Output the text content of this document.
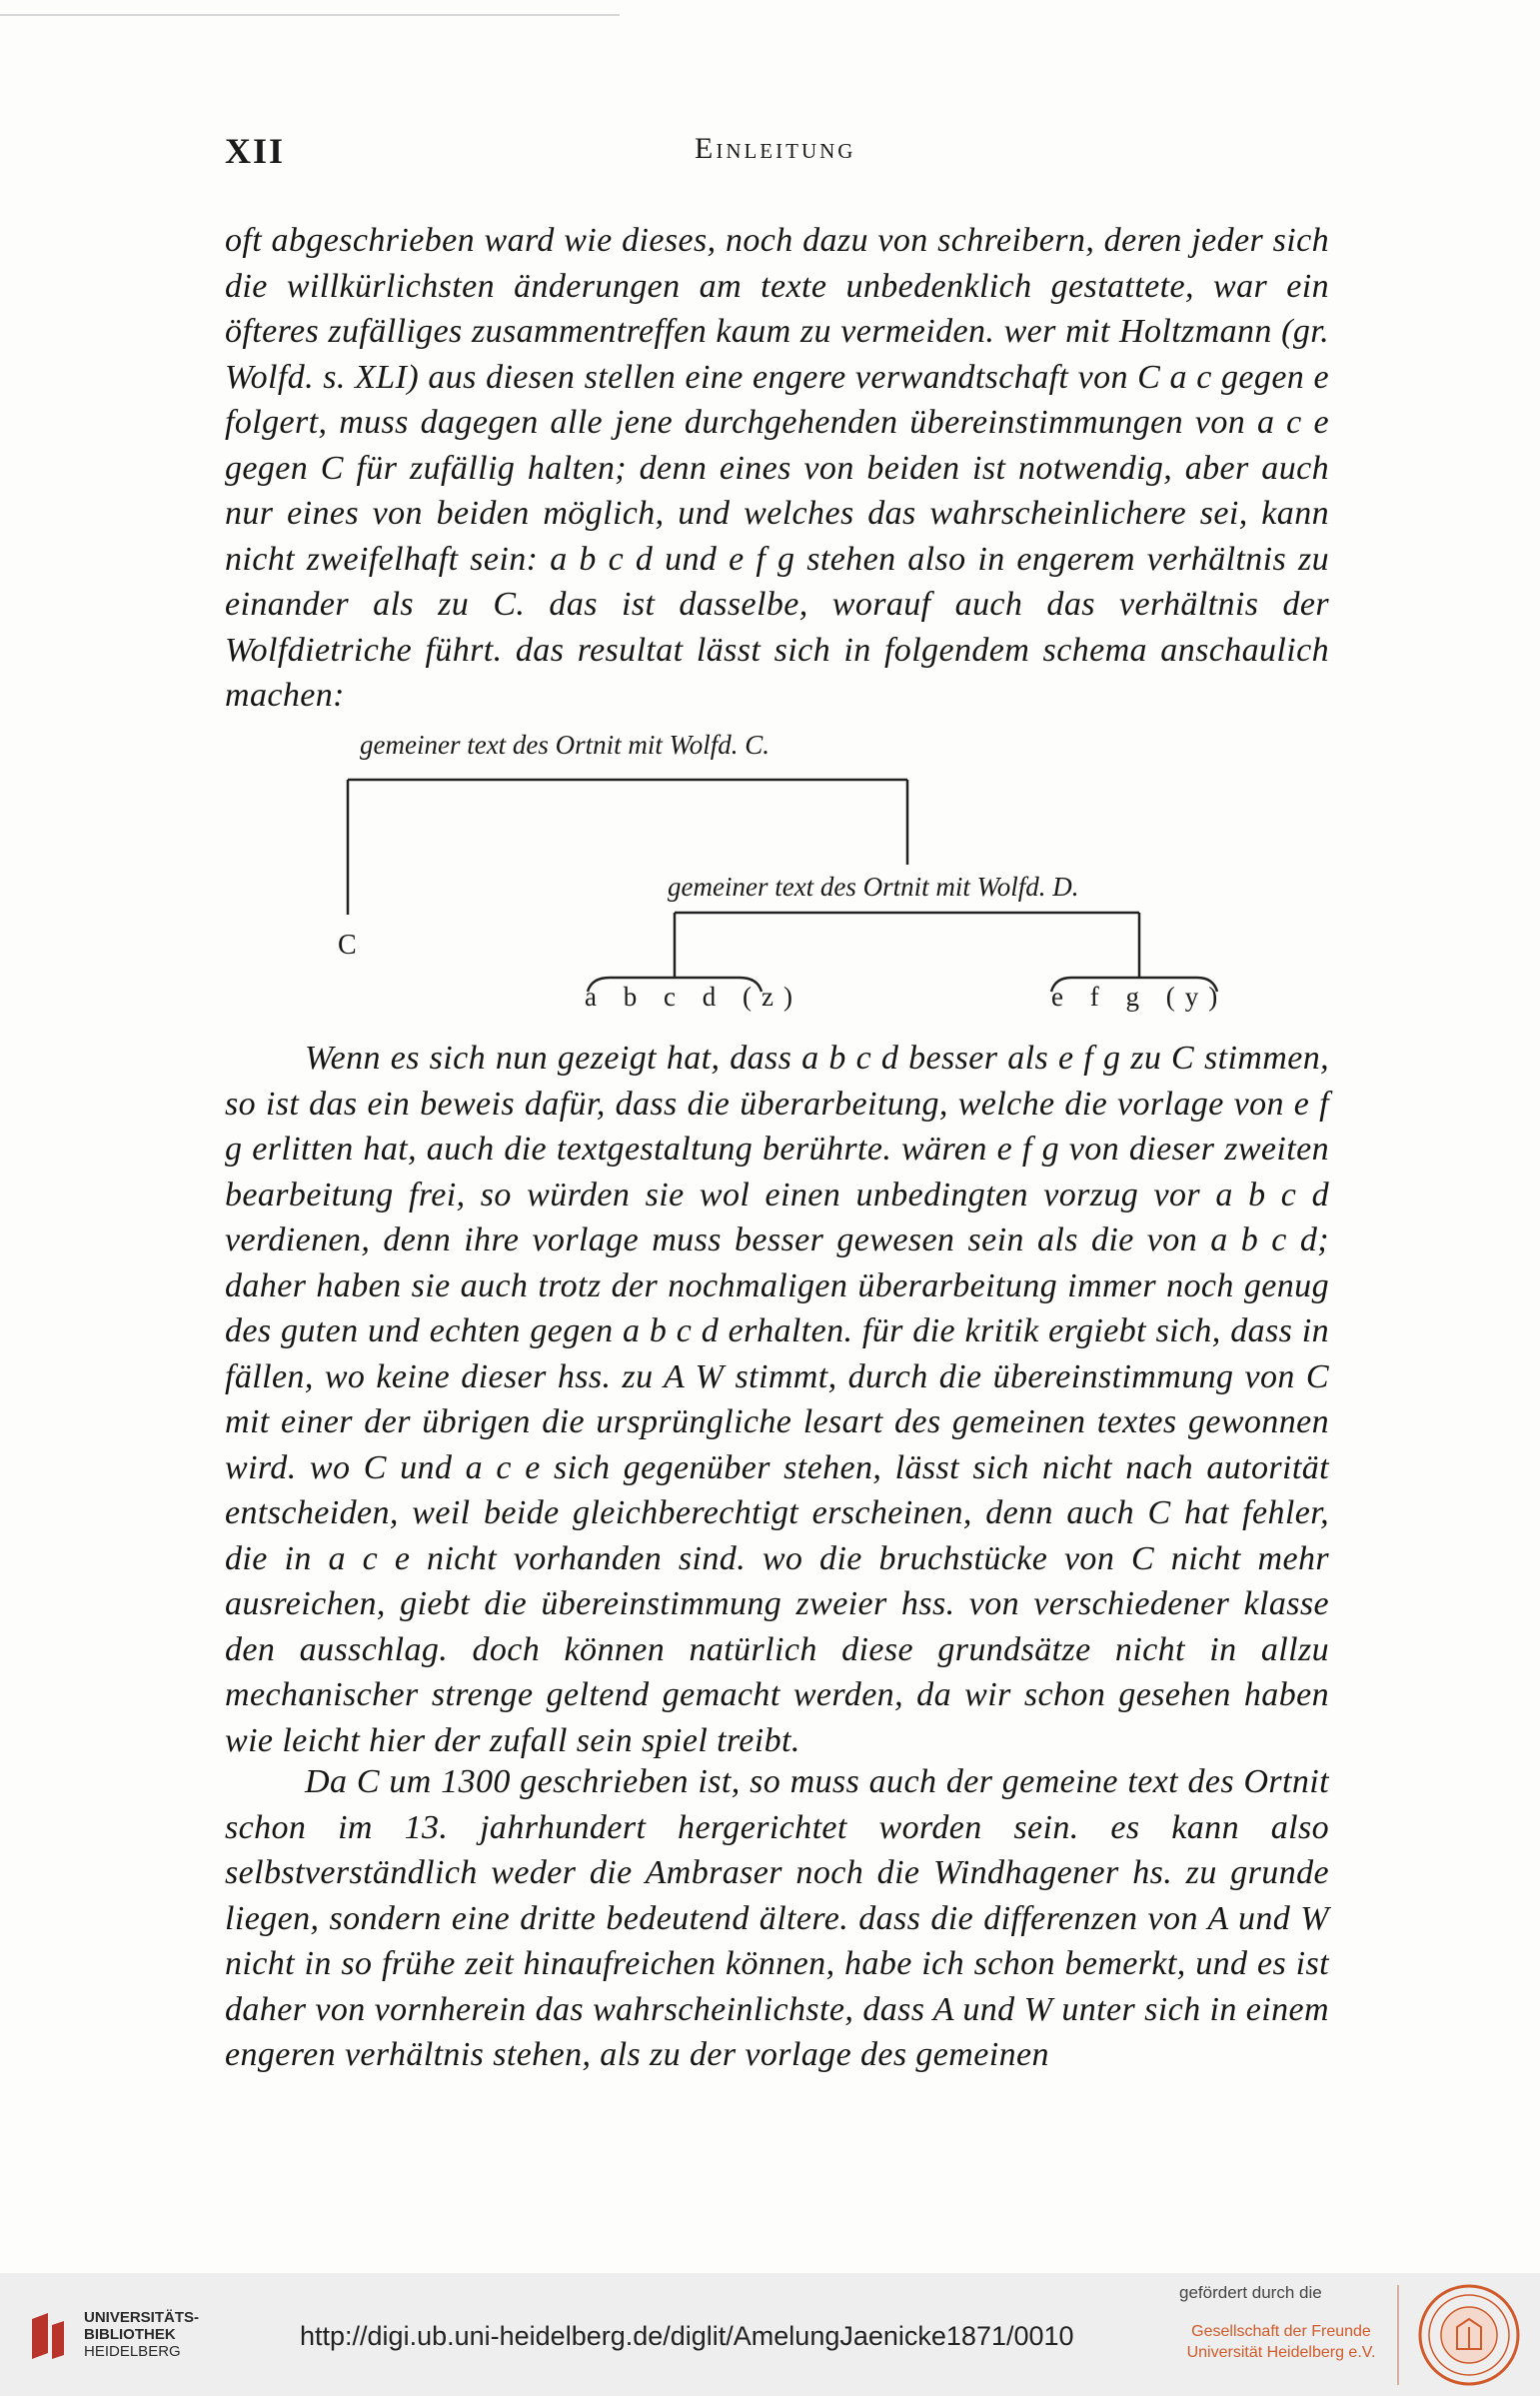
XII	Einleitung

oft abgeschrieben ward wie dieses, noch dazu von schreibern, deren jeder sich die willkürlichsten änderungen am texte unbedenklich gestattete, war ein öfteres zufälliges zusammentreffen kaum zu vermeiden. wer mit Holtzmann (gr. Wolfd. s. XLI) aus diesen stellen eine engere verwandtschaft von C a c gegen e folgert, muss dagegen alle jene durchgehenden übereinstimmungen von a c e gegen C für zufällig halten; denn eines von beiden ist notwendig, aber auch nur eines von beiden möglich, und welches das wahrscheinlichere sei, kann nicht zweifelhaft sein: a b c d und e f g stehen also in engerem verhältnis zu einander als zu C. das ist dasselbe, worauf auch das verhältnis der Wolfdietriche führt. das resultat lässt sich in folgendem schema anschaulich machen:

gemeiner text des Ortnit mit Wolfd. C.
gemeiner text des Ortnit mit Wolfd. D.
C
a b c d (z)	e f g (y)

Wenn es sich nun gezeigt hat, dass a b c d besser als e f g zu C stimmen, so ist das ein beweis dafür, dass die überarbeitung, welche die vorlage von e f g erlitten hat, auch die textgestaltung berührte. wären e f g von dieser zweiten bearbeitung frei, so würden sie wol einen unbedingten vorzug vor a b c d verdienen, denn ihre vorlage muss besser gewesen sein als die von a b c d; daher haben sie auch trotz der nochmaligen überarbeitung immer noch genug des guten und echten gegen a b c d erhalten. für die kritik ergiebt sich, dass in fällen, wo keine dieser hss. zu A W stimmt, durch die übereinstimmung von C mit einer der übrigen die ursprüngliche lesart des gemeinen textes gewonnen wird. wo C und a c e sich gegenüber stehen, lässt sich nicht nach autorität entscheiden, weil beide gleichberechtigt erscheinen, denn auch C hat fehler, die in a c e nicht vorhanden sind. wo die bruchstücke von C nicht mehr ausreichen, giebt die übereinstimmung zweier hss. von verschiedener klasse den ausschlag. doch können natürlich diese grundsätze nicht in allzu mechanischer strenge geltend gemacht werden, da wir schon gesehen haben wie leicht hier der zufall sein spiel treibt.

Da C um 1300 geschrieben ist, so muss auch der gemeine text des Ortnit schon im 13. jahrhundert hergerichtet worden sein. es kann also selbstverständlich weder die Ambraser noch die Windhagener hs. zu grunde liegen, sondern eine dritte bedeutend ältere. dass die differenzen von A und W nicht in so frühe zeit hinaufreichen können, habe ich schon bemerkt, und es ist daher von vornherein das wahrscheinlichste, dass A und W unter sich in einem engeren verhältnis stehen, als zu der vorlage des gemeinen

UNIVERSITÄTS-
BIBLIOTHEK
HEIDELBERG
http://digi.ub.uni-heidelberg.de/diglit/AmelungJaenicke1871/0010
gefördert durch die
Gesellschaft der Freunde
Universität Heidelberg e.V.
